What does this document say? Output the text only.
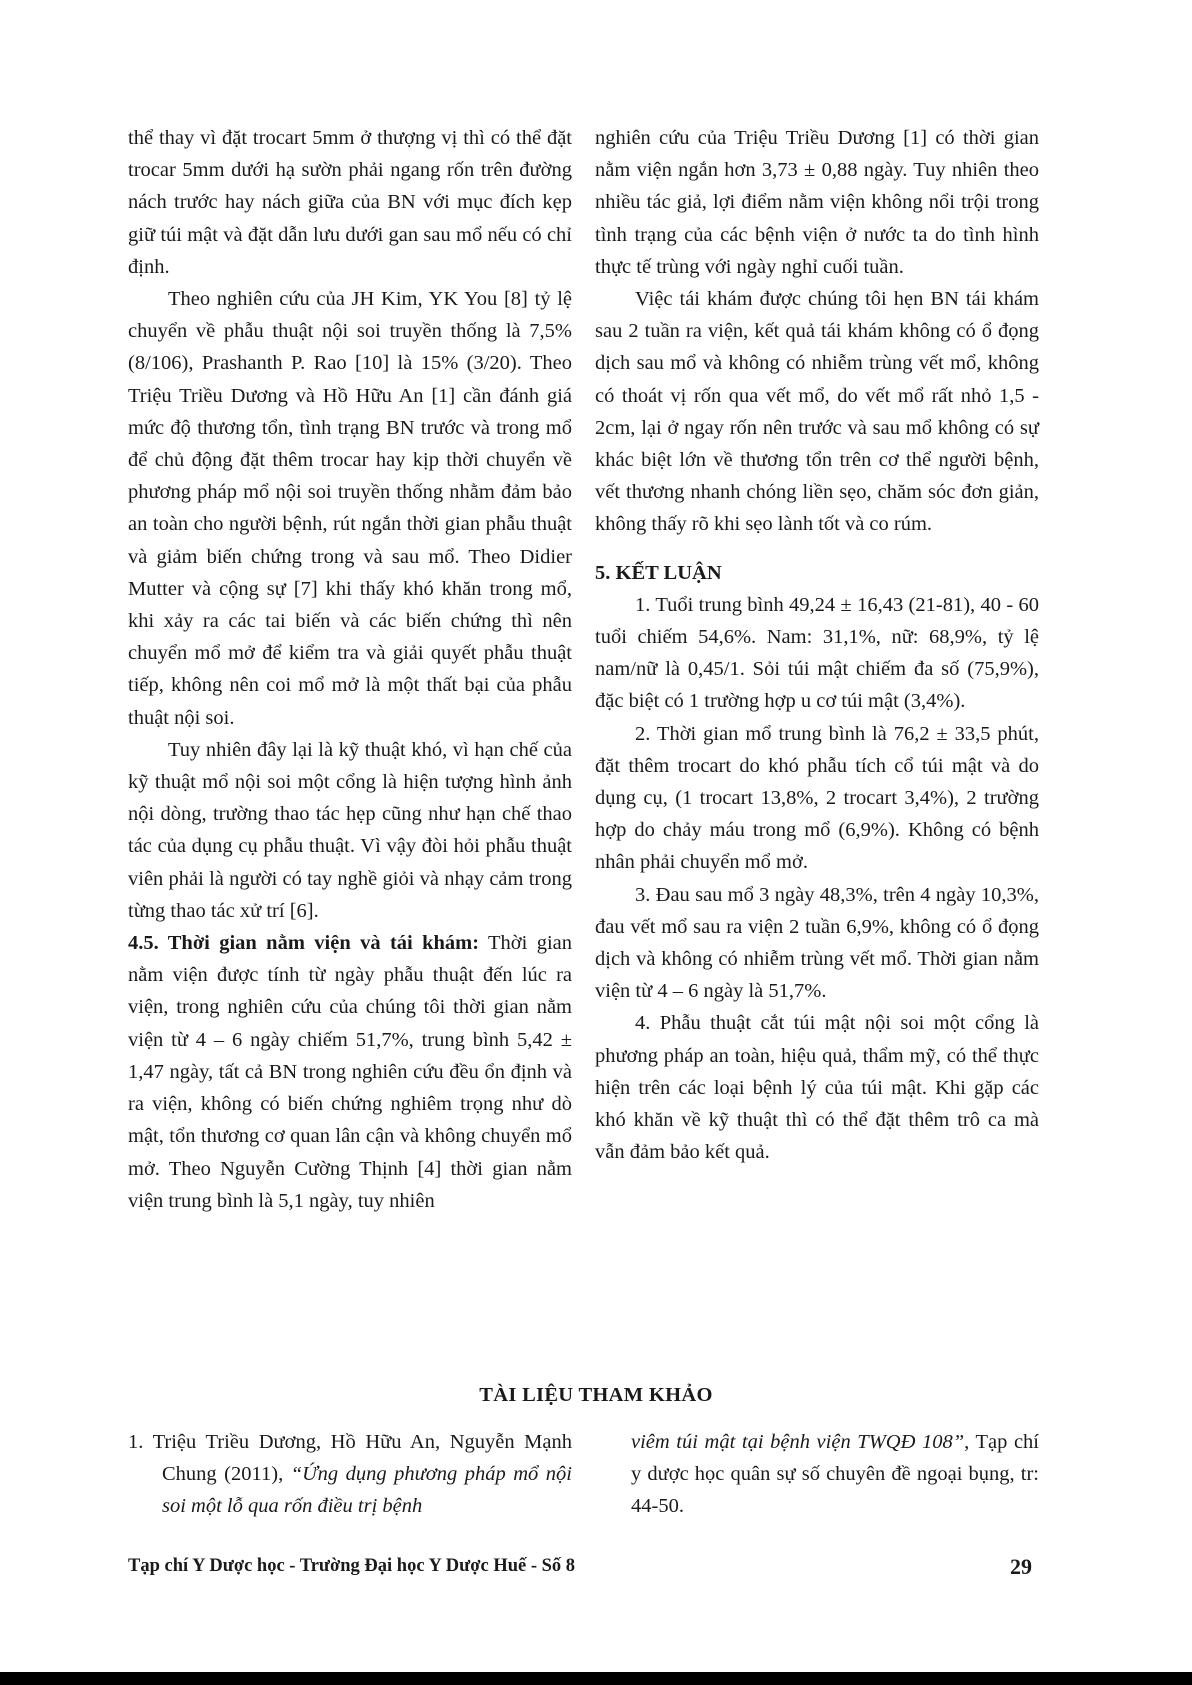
thể thay vì đặt trocart 5mm ở thượng vị thì có thể đặt trocar 5mm dưới hạ sườn phải ngang rốn trên đường nách trước hay nách giữa của BN với mục đích kẹp giữ túi mật và đặt dẫn lưu dưới gan sau mổ nếu có chỉ định.

Theo nghiên cứu của JH Kim, YK You [8] tỷ lệ chuyển về phẫu thuật nội soi truyền thống là 7,5% (8/106), Prashanth P. Rao [10] là 15% (3/20). Theo Triệu Triều Dương và Hồ Hữu An [1] cần đánh giá mức độ thương tổn, tình trạng BN trước và trong mổ để chủ động đặt thêm trocar hay kịp thời chuyển về phương pháp mổ nội soi truyền thống nhằm đảm bảo an toàn cho người bệnh, rút ngắn thời gian phẫu thuật và giảm biến chứng trong và sau mổ. Theo Didier Mutter và cộng sự [7] khi thấy khó khăn trong mổ, khi xảy ra các tai biến và các biến chứng thì nên chuyển mổ mở để kiểm tra và giải quyết phẫu thuật tiếp, không nên coi mổ mở là một thất bại của phẫu thuật nội soi.

Tuy nhiên đây lại là kỹ thuật khó, vì hạn chế của kỹ thuật mổ nội soi một cổng là hiện tượng hình ảnh nội dòng, trường thao tác hẹp cũng như hạn chế thao tác của dụng cụ phẫu thuật. Vì vậy đòi hỏi phẫu thuật viên phải là người có tay nghề giỏi và nhạy cảm trong từng thao tác xử trí [6].

4.5. Thời gian nằm viện và tái khám: Thời gian nằm viện được tính từ ngày phẫu thuật đến lúc ra viện, trong nghiên cứu của chúng tôi thời gian nằm viện từ 4 – 6 ngày chiếm 51,7%, trung bình 5,42 ± 1,47 ngày, tất cả BN trong nghiên cứu đều ổn định và ra viện, không có biến chứng nghiêm trọng như dò mật, tổn thương cơ quan lân cận và không chuyển mổ mở. Theo Nguyễn Cường Thịnh [4] thời gian nằm viện trung bình là 5,1 ngày, tuy nhiên

nghiên cứu của Triệu Triều Dương [1] có thời gian nằm viện ngắn hơn 3,73 ± 0,88 ngày. Tuy nhiên theo nhiều tác giả, lợi điểm nằm viện không nổi trội trong tình trạng của các bệnh viện ở nước ta do tình hình thực tế trùng với ngày nghỉ cuối tuần.

Việc tái khám được chúng tôi hẹn BN tái khám sau 2 tuần ra viện, kết quả tái khám không có ổ đọng dịch sau mổ và không có nhiễm trùng vết mổ, không có thoát vị rốn qua vết mổ, do vết mổ rất nhỏ 1,5 - 2cm, lại ở ngay rốn nên trước và sau mổ không có sự khác biệt lớn về thương tổn trên cơ thể người bệnh, vết thương nhanh chóng liền sẹo, chăm sóc đơn giản, không thấy rõ khi sẹo lành tốt và co rúm.

5. KẾT LUẬN

1. Tuổi trung bình 49,24 ± 16,43 (21-81), 40 - 60 tuổi chiếm 54,6%. Nam: 31,1%, nữ: 68,9%, tỷ lệ nam/nữ là 0,45/1. Sỏi túi mật chiếm đa số (75,9%), đặc biệt có 1 trường hợp u cơ túi mật (3,4%).

2. Thời gian mổ trung bình là 76,2 ± 33,5 phút, đặt thêm trocart do khó phẫu tích cổ túi mật và do dụng cụ, (1 trocart 13,8%, 2 trocart 3,4%), 2 trường hợp do chảy máu trong mổ (6,9%). Không có bệnh nhân phải chuyển mổ mở.

3. Đau sau mổ 3 ngày 48,3%, trên 4 ngày 10,3%, đau vết mổ sau ra viện 2 tuần 6,9%, không có ổ đọng dịch và không có nhiễm trùng vết mổ. Thời gian nằm viện từ 4 – 6 ngày là 51,7%.

4. Phẫu thuật cắt túi mật nội soi một cổng là phương pháp an toàn, hiệu quả, thẩm mỹ, có thể thực hiện trên các loại bệnh lý của túi mật. Khi gặp các khó khăn về kỹ thuật thì có thể đặt thêm trô ca mà vẫn đảm bảo kết quả.

TÀI LIỆU THAM KHẢO

1. Triệu Triều Dương, Hồ Hữu An, Nguyễn Mạnh Chung (2011), “Ứng dụng phương pháp mổ nội soi một lỗ qua rốn điều trị bệnh

viêm túi mật tại bệnh viện TWQĐ 108”, Tạp chí y dược học quân sự số chuyên đề ngoại bụng, tr: 44-50.

Tạp chí Y Dược học - Trường Đại học Y Dược Huế - Số 8	29
